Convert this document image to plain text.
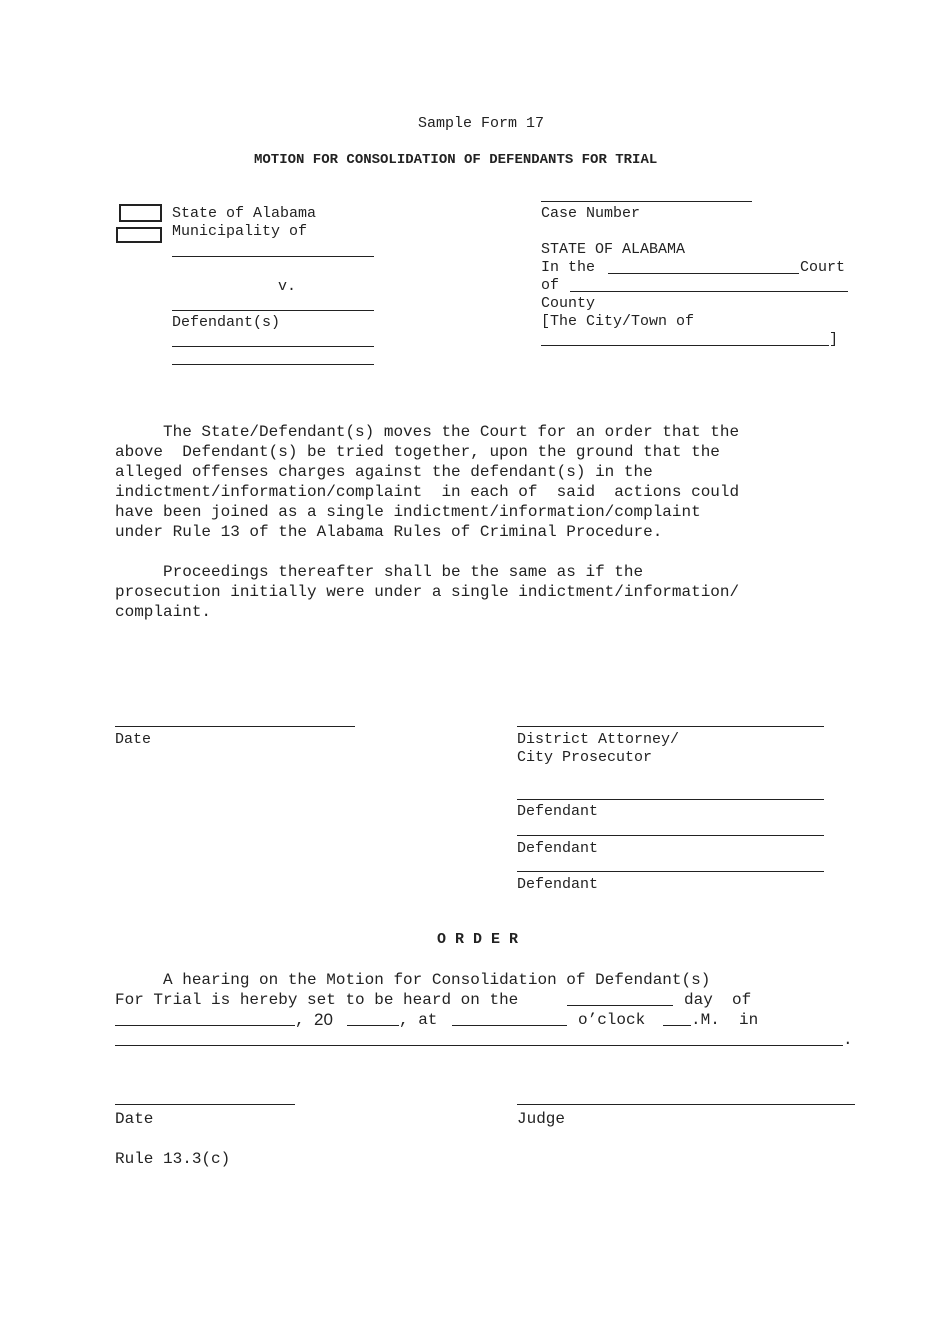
Sample Form 17
MOTION FOR CONSOLIDATION OF DEFENDANTS FOR TRIAL
State of Alabama
Municipality of
v.
Defendant(s)
Case Number
STATE OF ALABAMA
In the	Court
of
County
[The City/Town of
]
The State/Defendant(s) moves the Court for an order that the
above  Defendant(s) be tried together, upon the ground that the
alleged offenses charges against the defendant(s) in the
indictment/information/complaint  in each of  said  actions could
have been joined as a single indictment/information/complaint
under Rule 13 of the Alabama Rules of Criminal Procedure.
Proceedings thereafter shall be the same as if the
prosecution initially were under a single indictment/information/
complaint.
Date	District Attorney/
City Prosecutor
Defendant
Defendant
Defendant
O R D E R
A hearing on the Motion for Consolidation of Defendant(s)
For Trial is hereby set to be heard on the	day  of
, 20	, at	o’clock	.M.  in
.
Date	Judge
Rule 13.3(c)
